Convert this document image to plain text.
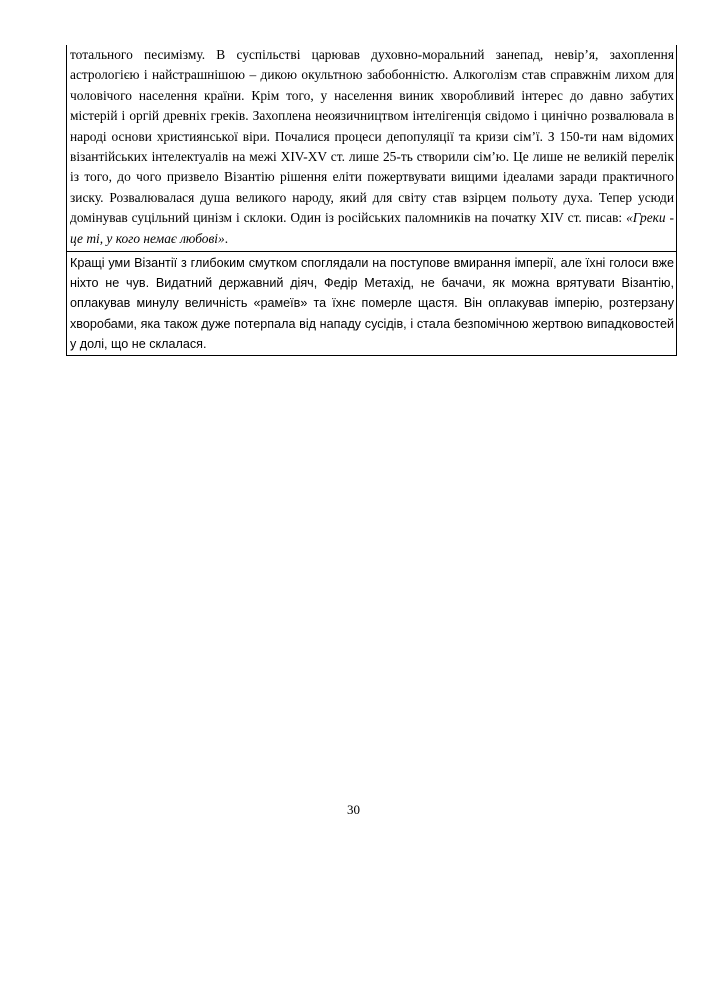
тотального песимізму. В суспільстві царював духовно-моральний занепад, невір’я, захоплення астрологією і найстрашнішою – дикою окультною забобонністю. Алкоголізм став справжнім лихом для чоловічого населення країни. Крім того, у населення виник хворобливий інтерес до давно забутих містерій і оргій древніх греків. Захоплена неоязичництвом інтелігенція свідомо і цинічно розвалювала в народі основи християнської віри. Почалися процеси депопуляції та кризи сім’ї. З 150-ти нам відомих візантійських інтелектуалів на межі XIV-XV ст. лише 25-ть створили сім’ю. Це лише не великій перелік із того, до чого призвело Візантію рішення еліти пожертвувати вищими ідеалами заради практичного зиску. Розвалювалася душа великого народу, який для світу став взірцем польоту духа. Тепер усюди домінував суцільний цинізм і склоки. Один із російських паломників на початку XIV ст. писав: «Греки - це ті, у кого немає любові».
Кращі уми Візантії з глибоким смутком споглядали на поступове вмирання імперії, але їхні голоси вже ніхто не чув. Видатний державний діяч, Федір Метахід, не бачачи, як можна врятувати Візантію, оплакував минулу величність «рамеїв» та їхнє померле щастя. Він оплакував імперію, розтерзану хворобами, яка також дуже потерпала від нападу сусідів, і стала безпомічною жертвою випадковостей у долі, що не склалася.
30
